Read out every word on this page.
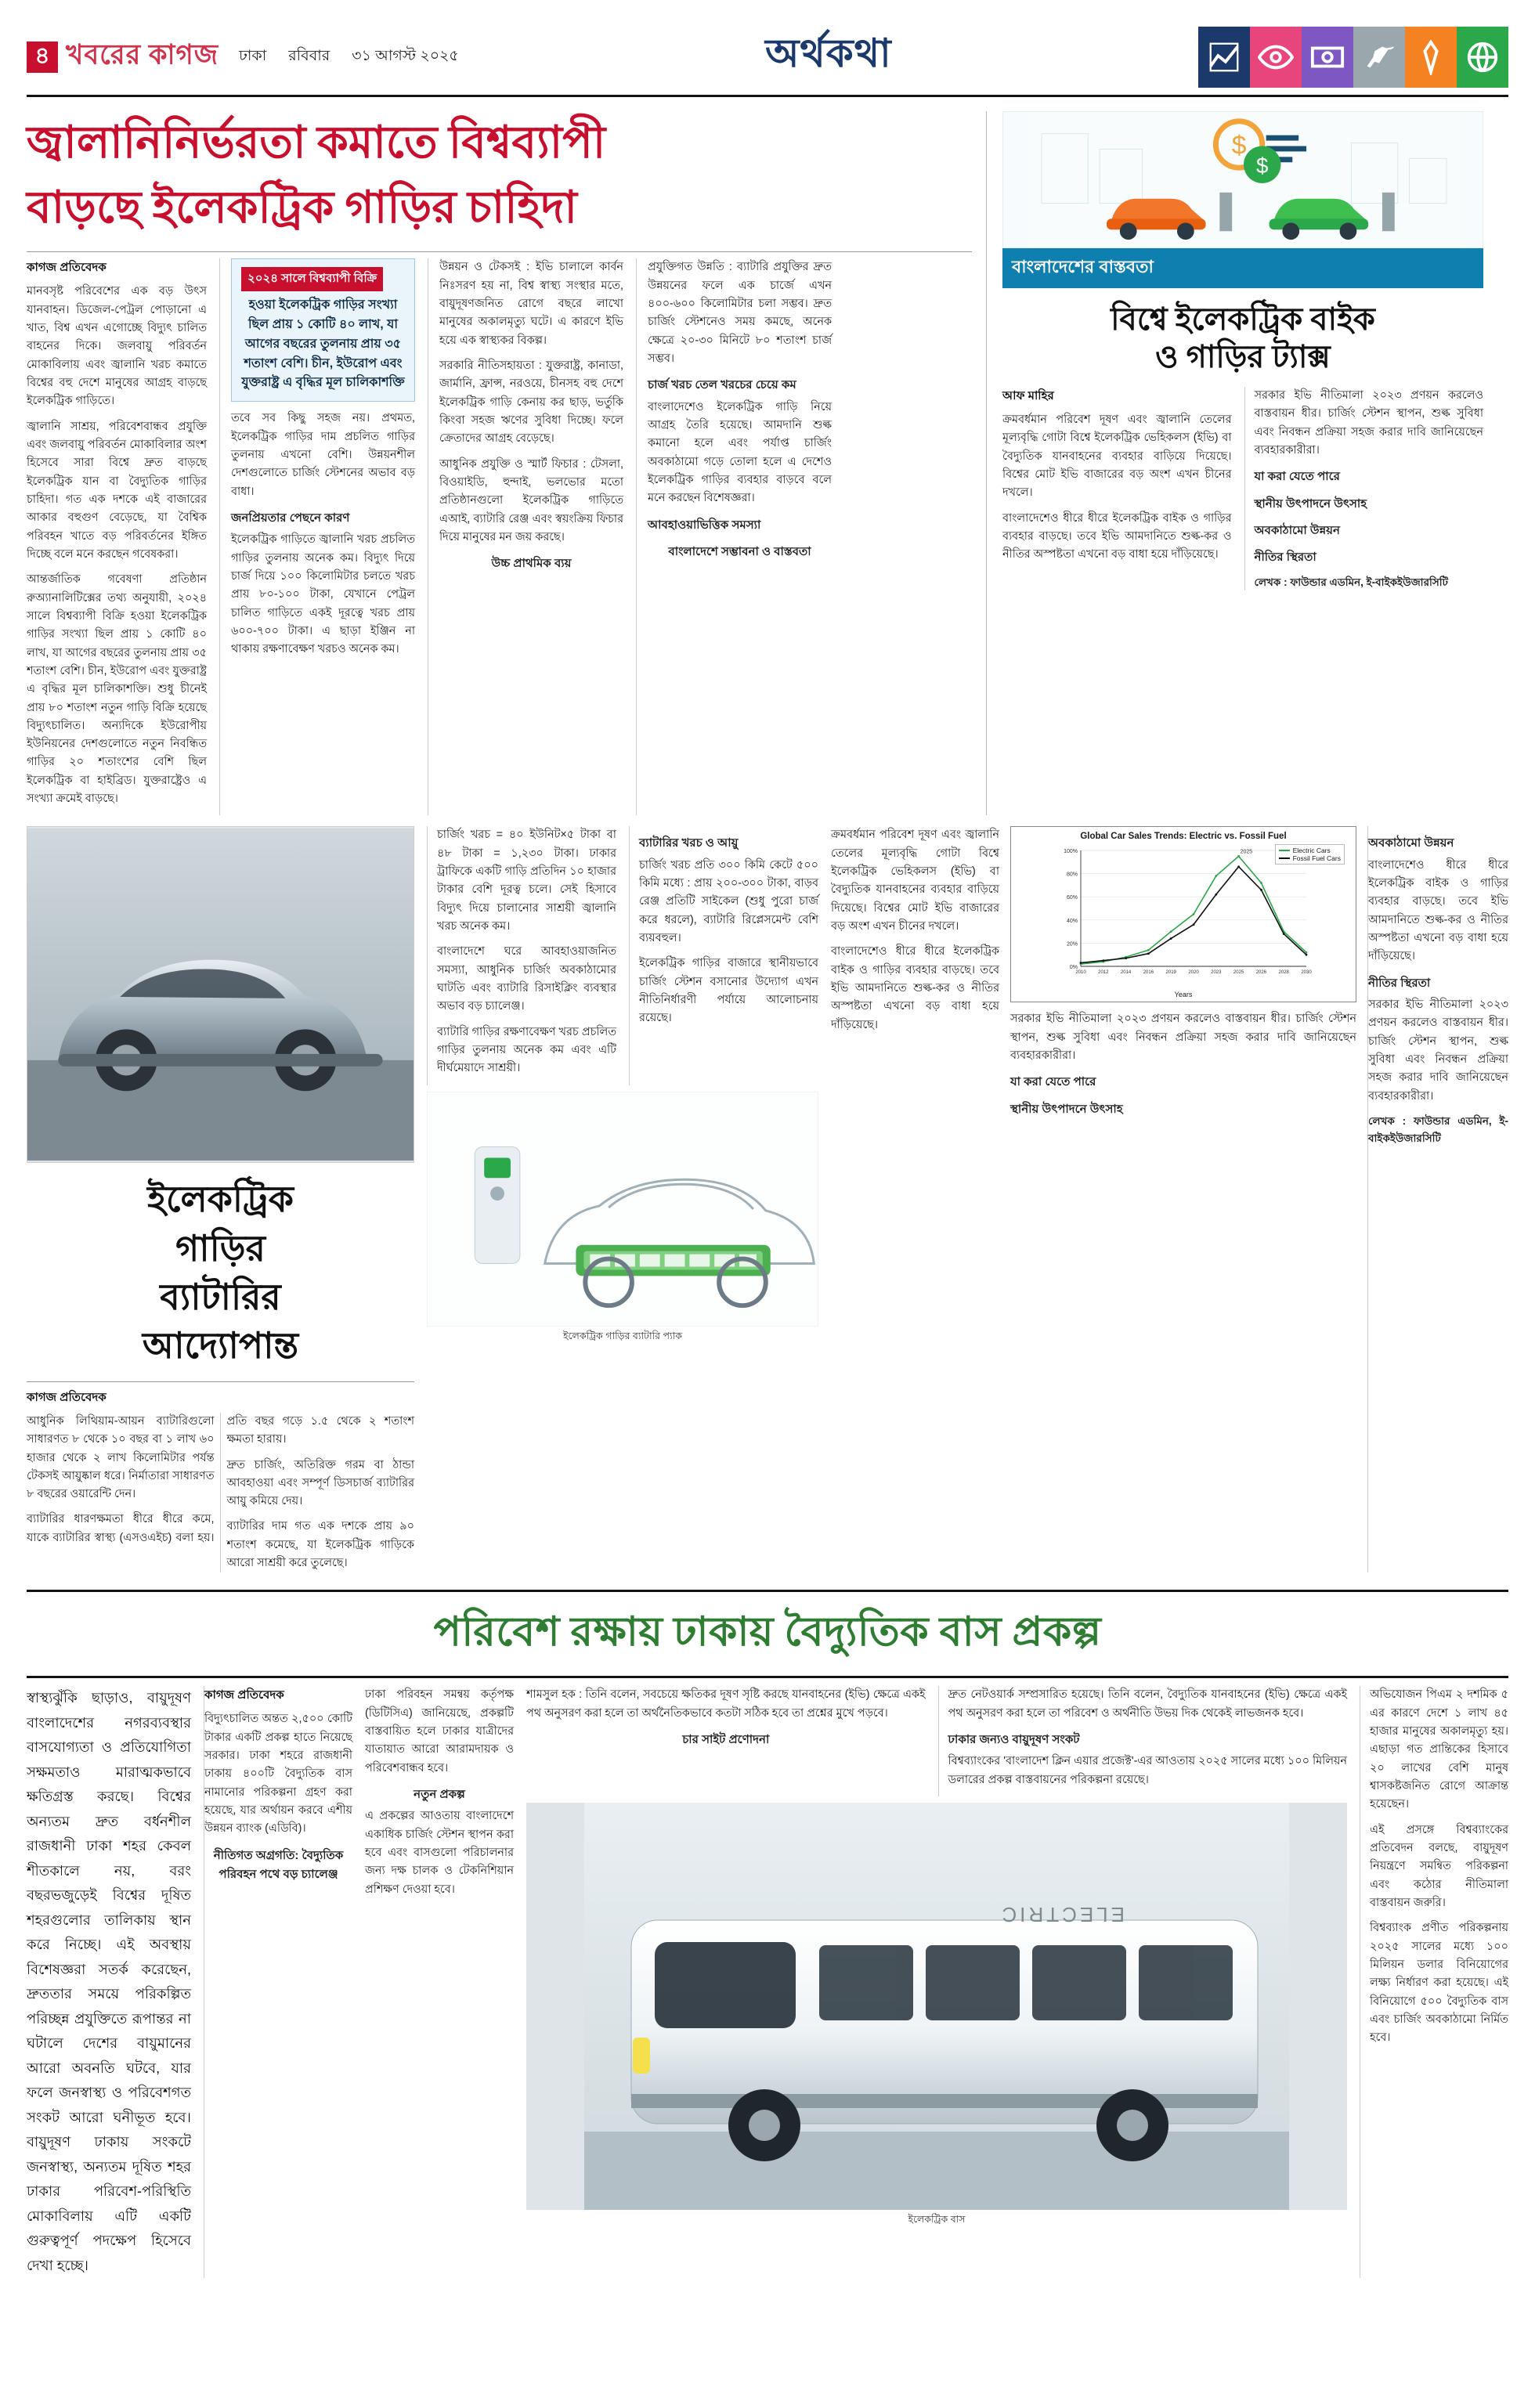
৪ খবরের কাগজ ঢাকা রবিবার ৩১ আগস্ট ২০২৫	অর্থকথা
জ্বালানিনির্ভরতা কমাতে বিশ্বব্যাপী
বাড়ছে ইলেকট্রিক গাড়ির চাহিদা
কাগজ প্রতিবেদক

মানবসৃষ্ট পরিবেশের এক বড় উৎস যানবাহন। ডিজেল-পেট্রল পোড়ানো এ খাত, বিশ্ব এখন এগোচ্ছে বিদ্যুৎ চালিত বাহনের দিকে। জলবায়ু পরিবর্তন মোকাবিলায় এবং জ্বালানি খরচ কমাতে বিশ্বের বহু দেশে মানুষের আগ্রহ বাড়ছে ইলেকট্রিক গাড়িতে।

জ্বালানি সাশ্রয়, পরিবেশবান্ধব প্রযুক্তি এবং জলবায়ু পরিবর্তন মোকাবিলার অংশ হিসেবে সারা বিশ্বে দ্রুত বাড়ছে ইলেকট্রিক যান বা বৈদ্যুতিক গাড়ির চাহিদা। গত এক দশকে এই বাজারের আকার বহুগুণ বেড়েছে, যা বৈশ্বিক পরিবহন খাতে বড় পরিবর্তনের ইঙ্গিত দিচ্ছে বলে মনে করছেন গবেষকরা।

আন্তর্জাতিক গবেষণা প্রতিষ্ঠান রুঅ্যানালিটিক্সের তথ্য অনুযায়ী, ২০২৪ সালে বিশ্বব্যাপী বিক্রি হওয়া ইলেকট্রিক গাড়ির সংখ্যা ছিল প্রায় ১ কোটি ৪০ লাখ, যা আগের বছরের তুলনায় প্রায় ৩৫ শতাংশ বেশি। চীন, ইউরোপ এবং যুক্তরাষ্ট্র এ বৃদ্ধির মূল চালিকাশক্তি। শুধু চীনেই প্রায় ৮০ শতাংশ নতুন গাড়ি বিক্রি হয়েছে বিদ্যুৎচালিত। অন্যদিকে ইউরোপীয় ইউনিয়নের দেশগুলোতে নতুন নিবন্ধিত গাড়ির ২০ শতাংশের বেশি ছিল ইলেকট্রিক বা হাইব্রিড। যুক্তরাষ্ট্রেও এ সংখ্যা ক্রমেই বাড়ছে।

২০২৪ সালে বিশ্বব্যাপী বিক্রি
হওয়া ইলেকট্রিক গাড়ির সংখ্যা ছিল প্রায় ১ কোটি ৪০ লাখ, যা আগের বছরের তুলনায় প্রায় ৩৫ শতাংশ বেশি। চীন, ইউরোপ এবং যুক্তরাষ্ট্র এ বৃদ্ধির মূল চালিকাশক্তি

তবে সব কিছু সহজ নয়। প্রথমত, ইলেকট্রিক গাড়ির দাম প্রচলিত গাড়ির তুলনায় এখনো বেশি। উন্নয়নশীল দেশগুলোতে চার্জিং স্টেশনের অভাব বড় বাধা।

জনপ্রিয়তার পেছনে কারণ

ইলেকট্রিক গাড়িতে জ্বালানি খরচ প্রচলিত গাড়ির তুলনায় অনেক কম। বিদ্যুৎ দিয়ে চার্জ দিয়ে ১০০ কিলোমিটার চলতে খরচ প্রায় ৮০-১০০ টাকা, যেখানে পেট্রল চালিত গাড়িতে একই দূরত্বে খরচ প্রায় ৬০০-৭০০ টাকা। এ ছাড়া ইঞ্জিন না থাকায় রক্ষণাবেক্ষণ খরচও অনেক কম।

উন্নয়ন ও টেকসই : ইভি চালালে কার্বন নিঃসরণ হয় না, বিশ্ব স্বাস্থ্য সংস্থার মতে, বায়ুদূষণজনিত রোগে বছরে লাখো মানুষের অকালমৃত্যু ঘটে। এ কারণে ইভি হয়ে এক স্বাস্থ্যকর বিকল্প।

সরকারি নীতিসহায়তা : যুক্তরাষ্ট্র, কানাডা, জার্মানি, ফ্রান্স, নরওয়ে, চীনসহ বহু দেশে ইলেকট্রিক গাড়ি কেনায় কর ছাড়, ভর্তুকি কিংবা সহজ ঋণের সুবিধা দিচ্ছে। ফলে ক্রেতাদের আগ্রহ বেড়েছে।

আধুনিক প্রযুক্তি ও স্মার্ট ফিচার : টেসলা, বিওয়াইডি, হুন্দাই, ভলভোর মতো প্রতিষ্ঠানগুলো ইলেকট্রিক গাড়িতে এআই, ব্যাটারি রেঞ্জ এবং স্বয়ংক্রিয় ফিচার দিয়ে মানুষের মন জয় করছে।

উচ্চ প্রাথমিক ব্যয়

প্রযুক্তিগত উন্নতি : ব্যাটারি প্রযুক্তির দ্রুত উন্নয়নের ফলে এক চার্জে এখন ৪০০-৬০০ কিলোমিটার চলা সম্ভব। দ্রুত চার্জিং স্টেশনেও সময় কমছে, অনেক ক্ষেত্রে ২০-৩০ মিনিটে ৮০ শতাংশ চার্জ সম্ভব।

চার্জ খরচ তেল খরচের চেয়ে কম

বাংলাদেশেও ইলেকট্রিক গাড়ি নিয়ে আগ্রহ তৈরি হয়েছে। আমদানি শুল্ক কমানো হলে এবং পর্যাপ্ত চার্জিং অবকাঠামো গড়ে তোলা হলে এ দেশেও ইলেকট্রিক গাড়ির ব্যবহার বাড়বে বলে মনে করছেন বিশেষজ্ঞরা।

আবহাওয়াভিত্তিক সমস্যা
বাংলাদেশে সম্ভাবনা ও বাস্তবতা
$
$
বাংলাদেশের বাস্তবতা
বিশ্বে ইলেকট্রিক বাইক
ও গাড়ির ট্যাক্স
আফ মাহির

ক্রমবর্ধমান পরিবেশ দূষণ এবং জ্বালানি তেলের মূল্যবৃদ্ধি গোটা বিশ্বে ইলেকট্রিক ভেহিকলস (ইভি) বা বৈদ্যুতিক যানবাহনের ব্যবহার বাড়িয়ে দিয়েছে। বিশ্বের মোট ইভি বাজারের বড় অংশ এখন চীনের দখলে।

বাংলাদেশেও ধীরে ধীরে ইলেকট্রিক বাইক ও গাড়ির ব্যবহার বাড়ছে। তবে ইভি আমদানিতে শুল্ক-কর ও নীতির অস্পষ্টতা এখনো বড় বাধা হয়ে দাঁড়িয়েছে।

সরকার ইভি নীতিমালা ২০২৩ প্রণয়ন করলেও বাস্তবায়ন ধীর। চার্জিং স্টেশন স্থাপন, শুল্ক সুবিধা এবং নিবন্ধন প্রক্রিয়া সহজ করার দাবি জানিয়েছেন ব্যবহারকারীরা।

যা করা যেতে পারে
স্থানীয় উৎপাদনে উৎসাহ
অবকাঠামো উন্নয়ন
নীতির স্থিরতা
লেখক : ফাউন্ডার এডমিন, ই-বাইকইউজারসিটি
ইলেকট্রিক
গাড়ির
ব্যাটারির
আদ্যোপান্ত
কাগজ প্রতিবেদক

আধুনিক লিথিয়াম-আয়ন ব্যাটারিগুলো সাধারণত ৮ থেকে ১০ বছর বা ১ লাখ ৬০ হাজার থেকে ২ লাখ কিলোমিটার পর্যন্ত টেকসই আয়ুষ্কাল ধরে। নির্মাতারা সাধারণত ৮ বছরের ওয়ারেন্টি দেন।

ব্যাটারির ধারণক্ষমতা ধীরে ধীরে কমে, যাকে ব্যাটারির স্বাস্থ্য (এসওএইচ) বলা হয়। প্রতি বছর গড়ে ১.৫ থেকে ২ শতাংশ ক্ষমতা হারায়।

দ্রুত চার্জিং, অতিরিক্ত গরম বা ঠান্ডা আবহাওয়া এবং সম্পূর্ণ ডিসচার্জ ব্যাটারির আয়ু কমিয়ে দেয়।

ব্যাটারির দাম গত এক দশকে প্রায় ৯০ শতাংশ কমেছে, যা ইলেকট্রিক গাড়িকে আরো সাশ্রয়ী করে তুলেছে।

চার্জিং খরচ = ৪০ ইউনিট×৫ টাকা বা ৪৮ টাকা = ১,২৩০ টাকা। ঢাকার ট্রাফিকে একটি গাড়ি প্রতিদিন ১০ হাজার টাকার বেশি দূরত্ব চলে। সেই হিসাবে বিদ্যুৎ দিয়ে চালানোর সাশ্রয়ী জ্বালানি খরচ অনেক কম।

বাংলাদেশে ঘরে আবহাওয়াজনিত সমস্যা, আধুনিক চার্জিং অবকাঠামোর ঘাটতি এবং ব্যাটারি রিসাইক্লিং ব্যবস্থার অভাব বড় চ্যালেঞ্জ।

ব্যাটারি গাড়ির রক্ষণাবেক্ষণ খরচ প্রচলিত গাড়ির তুলনায় অনেক কম এবং এটি দীর্ঘমেয়াদে সাশ্রয়ী।

ব্যাটারির খরচ ও আয়ু

চার্জিং খরচ প্রতি ৩০০ কিমি কেটে ৫০০ কিমি মধ্যে : প্রায় ২০০-৩০০ টাকা, বাড়ব রেঞ্জ প্রতিটি সাইকেল (শুধু পুরো চার্জ করে ধরলে), ব্যাটারি রিপ্লেসমেন্ট বেশি ব্যয়বহুল।

ইলেকট্রিক গাড়ির বাজারে স্থানীয়ভাবে চার্জিং স্টেশন বসানোর উদ্যোগ এখন নীতিনির্ধারণী পর্যায়ে আলোচনায় রয়েছে।

ইলেকট্রিক গাড়ির ব্যাটারি প্যাক

ক্রমবর্ধমান পরিবেশ দূষণ এবং জ্বালানি তেলের মূল্যবৃদ্ধি গোটা বিশ্বে ইলেকট্রিক ভেহিকলস (ইভি) বা বৈদ্যুতিক যানবাহনের ব্যবহার বাড়িয়ে দিয়েছে। বিশ্বের মোট ইভি বাজারের বড় অংশ এখন চীনের দখলে।

বাংলাদেশেও ধীরে ধীরে ইলেকট্রিক বাইক ও গাড়ির ব্যবহার বাড়ছে। তবে ইভি আমদানিতে শুল্ক-কর ও নীতির অস্পষ্টতা এখনো বড় বাধা হয়ে দাঁড়িয়েছে।

Global Car Sales Trends: Electric vs. Fossil Fuel
Electric Cars
Fossil Fuel Cars
0%
20%
40%
60%
80%
100%
2010	2012	2014	2016	2019	2020	2023	2025	2026	2028	2030
2025
Years

সরকার ইভি নীতিমালা ২০২৩ প্রণয়ন করলেও বাস্তবায়ন ধীর। চার্জিং স্টেশন স্থাপন, শুল্ক সুবিধা এবং নিবন্ধন প্রক্রিয়া সহজ করার দাবি জানিয়েছেন ব্যবহারকারীরা।

যা করা যেতে পারে
স্থানীয় উৎপাদনে উৎসাহ
অবকাঠামো উন্নয়ন

বাংলাদেশেও ধীরে ধীরে ইলেকট্রিক বাইক ও গাড়ির ব্যবহার বাড়ছে। তবে ইভি আমদানিতে শুল্ক-কর ও নীতির অস্পষ্টতা এখনো বড় বাধা হয়ে দাঁড়িয়েছে।

নীতির স্থিরতা

সরকার ইভি নীতিমালা ২০২৩ প্রণয়ন করলেও বাস্তবায়ন ধীর। চার্জিং স্টেশন স্থাপন, শুল্ক সুবিধা এবং নিবন্ধন প্রক্রিয়া সহজ করার দাবি জানিয়েছেন ব্যবহারকারীরা।

লেখক : ফাউন্ডার এডমিন, ই-বাইকইউজারসিটি
পরিবেশ রক্ষায় ঢাকায় বৈদ্যুতিক বাস প্রকল্প
স্বাস্থ্যঝুঁকি ছাড়াও, বায়ুদূষণ বাংলাদেশের নগরব্যবস্থার বাসযোগ্যতা ও প্রতিযোগিতা সক্ষমতাও মারাত্মকভাবে ক্ষতিগ্রস্ত করছে। বিশ্বের অন্যতম দ্রুত বর্ধনশীল রাজধানী ঢাকা শহর কেবল শীতকালে নয়, বরং বছরভজুড়েই বিশ্বের দূষিত শহরগুলোর তালিকায় স্থান করে নিচ্ছে। এই অবস্থায় বিশেষজ্ঞরা সতর্ক করেছেন, দ্রুততার সময়ে পরিকল্পিত পরিচ্ছন্ন প্রযুক্তিতে রূপান্তর না ঘটালে দেশের বায়ুমানের আরো অবনতি ঘটবে, যার ফলে জনস্বাস্থ্য ও পরিবেশগত সংকট আরো ঘনীভূত হবে। বায়ুদূষণ ঢাকায় সংকটে জনস্বাস্থ্য, অন্যতম দূষিত শহর ঢাকার পরিবেশ-পরিস্থিতি মোকাবিলায় এটি একটি গুরুত্বপূর্ণ পদক্ষেপ হিসেবে দেখা হচ্ছে।
কাগজ প্রতিবেদক

বিদ্যুৎচালিত অন্তত ২,৫০০ কোটি টাকার একটি প্রকল্প হাতে নিয়েছে সরকার। ঢাকা শহরে রাজধানী ঢাকায় ৪০০টি বৈদ্যুতিক বাস নামানোর পরিকল্পনা গ্রহণ করা হয়েছে, যার অর্থায়ন করবে এশীয় উন্নয়ন ব্যাংক (এডিবি)।

নীতিগত অগ্রগতি: বৈদ্যুতিক পরিবহন পথে বড় চ্যালেঞ্জ

ঢাকা পরিবহন সমন্বয় কর্তৃপক্ষ (ডিটিসিএ) জানিয়েছে, প্রকল্পটি বাস্তবায়িত হলে ঢাকার যাত্রীদের যাতায়াত আরো আরামদায়ক ও পরিবেশবান্ধব হবে।

নতুন প্রকল্প

এ প্রকল্পের আওতায় বাংলাদেশে একাধিক চার্জিং স্টেশন স্থাপন করা হবে এবং বাসগুলো পরিচালনার জন্য দক্ষ চালক ও টেকনিশিয়ান প্রশিক্ষণ দেওয়া হবে।

শামসুল হক : তিনি বলেন, সবচেয়ে ক্ষতিকর দূষণ সৃষ্টি করছে যানবাহনের (ইভি) ক্ষেত্রে একই পথ অনুসরণ করা হলে তা অর্থনৈতিকভাবে কতটা সঠিক হবে তা প্রশ্নের মুখে পড়বে।

চার সাইট প্রণোদনা

দ্রুত নেটওয়ার্ক সম্প্রসারিত হয়েছে। তিনি বলেন, বৈদ্যুতিক যানবাহনের (ইভি) ক্ষেত্রে একই পথ অনুসরণ করা হলে তা পরিবেশ ও অর্থনীতি উভয় দিক থেকেই লাভজনক হবে।

ঢাকার জন্যও বায়ুদূষণ সংকট

বিশ্বব্যাংকের 'বাংলাদেশ ক্লিন এয়ার প্রজেক্ট'-এর আওতায় ২০২৫ সালের মধ্যে ১০০ মিলিয়ন ডলারের প্রকল্প বাস্তবায়নের পরিকল্পনা রয়েছে।

ELECTRIC
ইলেকট্রিক বাস

অভিযোজন পিএম ২ দশমিক ৫ এর কারণে দেশে ১ লাখ ৪৫ হাজার মানুষের অকালমৃত্যু হয়। এছাড়া গত প্রান্তিকের হিসাবে ২০ লাখের বেশি মানুষ শ্বাসকষ্টজনিত রোগে আক্রান্ত হয়েছেন।

এই প্রসঙ্গে বিশ্বব্যাংকের প্রতিবেদন বলছে, বায়ুদূষণ নিয়ন্ত্রণে সমন্বিত পরিকল্পনা এবং কঠোর নীতিমালা বাস্তবায়ন জরুরি।

বিশ্বব্যাংক প্রণীত পরিকল্পনায় ২০২৫ সালের মধ্যে ১০০ মিলিয়ন ডলার বিনিয়োগের লক্ষ্য নির্ধারণ করা হয়েছে। এই বিনিয়োগে ৫০০ বৈদ্যুতিক বাস এবং চার্জিং অবকাঠামো নির্মিত হবে।
